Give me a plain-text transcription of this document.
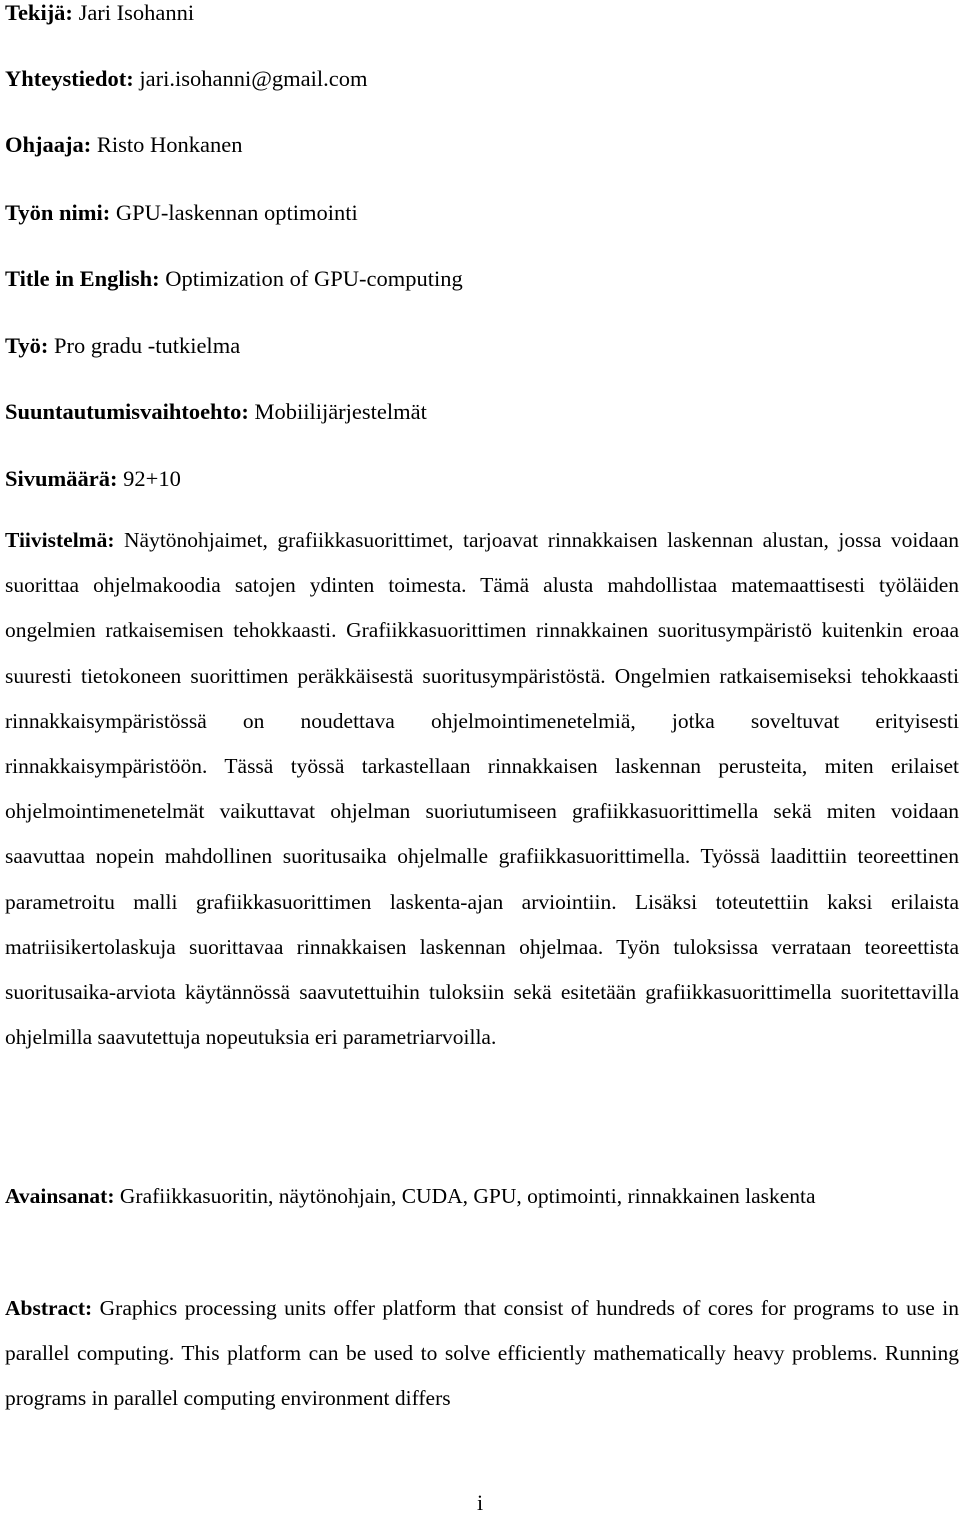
Tekijä: Jari Isohanni

Yhteystiedot: jari.isohanni@gmail.com

Ohjaaja: Risto Honkanen

Työn nimi: GPU-laskennan optimointi

Title in English: Optimization of GPU-computing

Työ: Pro gradu -tutkielma

Suuntautumisvaihtoehto: Mobiilijärjestelmät

Sivumäärä: 92+10

Tiivistelmä: Näytönohjaimet, grafiikkasuorittimet, tarjoavat rinnakkaisen laskennan alustan, jossa voidaan suorittaa ohjelmakoodia satojen ydinten toimesta. Tämä alusta mahdollistaa matemaattisesti työläiden ongelmien ratkaisemisen tehokkaasti. Grafiikkasuorittimen rinnakkainen suoritusympäristö kuitenkin eroaa suuresti tietokoneen suorittimen peräkkäisestä suoritusympäristöstä. Ongelmien ratkaisemiseksi tehokkaasti rinnakkaisympäristössä on noudettava ohjelmointimenetelmiä, jotka soveltuvat erityisesti rinnakkaisympäristöön. Tässä työssä tarkastellaan rinnakkaisen laskennan perusteita, miten erilaiset ohjelmointimenetelmät vaikuttavat ohjelman suoriutumiseen grafiikkasuorittimella sekä miten voidaan saavuttaa nopein mahdollinen suoritusaika ohjelmalle grafiikkasuorittimella. Työssä laadittiin teoreettinen parametroitu malli grafiikkasuorittimen laskenta-ajan arviointiin. Lisäksi toteutettiin kaksi erilaista matriisikertolaskuja suorittavaa rinnakkaisen laskennan ohjelmaa. Työn tuloksissa verrataan teoreettista suoritusaika-arviota käytännössä saavutettuihin tuloksiin sekä esitetään grafiikkasuorittimella suoritettavilla ohjelmilla saavutettuja nopeutuksia eri parametriarvoilla.

Avainsanat: Grafiikkasuoritin, näytönohjain, CUDA, GPU, optimointi, rinnakkainen laskenta

Abstract: Graphics processing units offer platform that consist of hundreds of cores for programs to use in parallel computing. This platform can be used to solve efficiently mathematically heavy problems. Running programs in parallel computing environment differs

i
